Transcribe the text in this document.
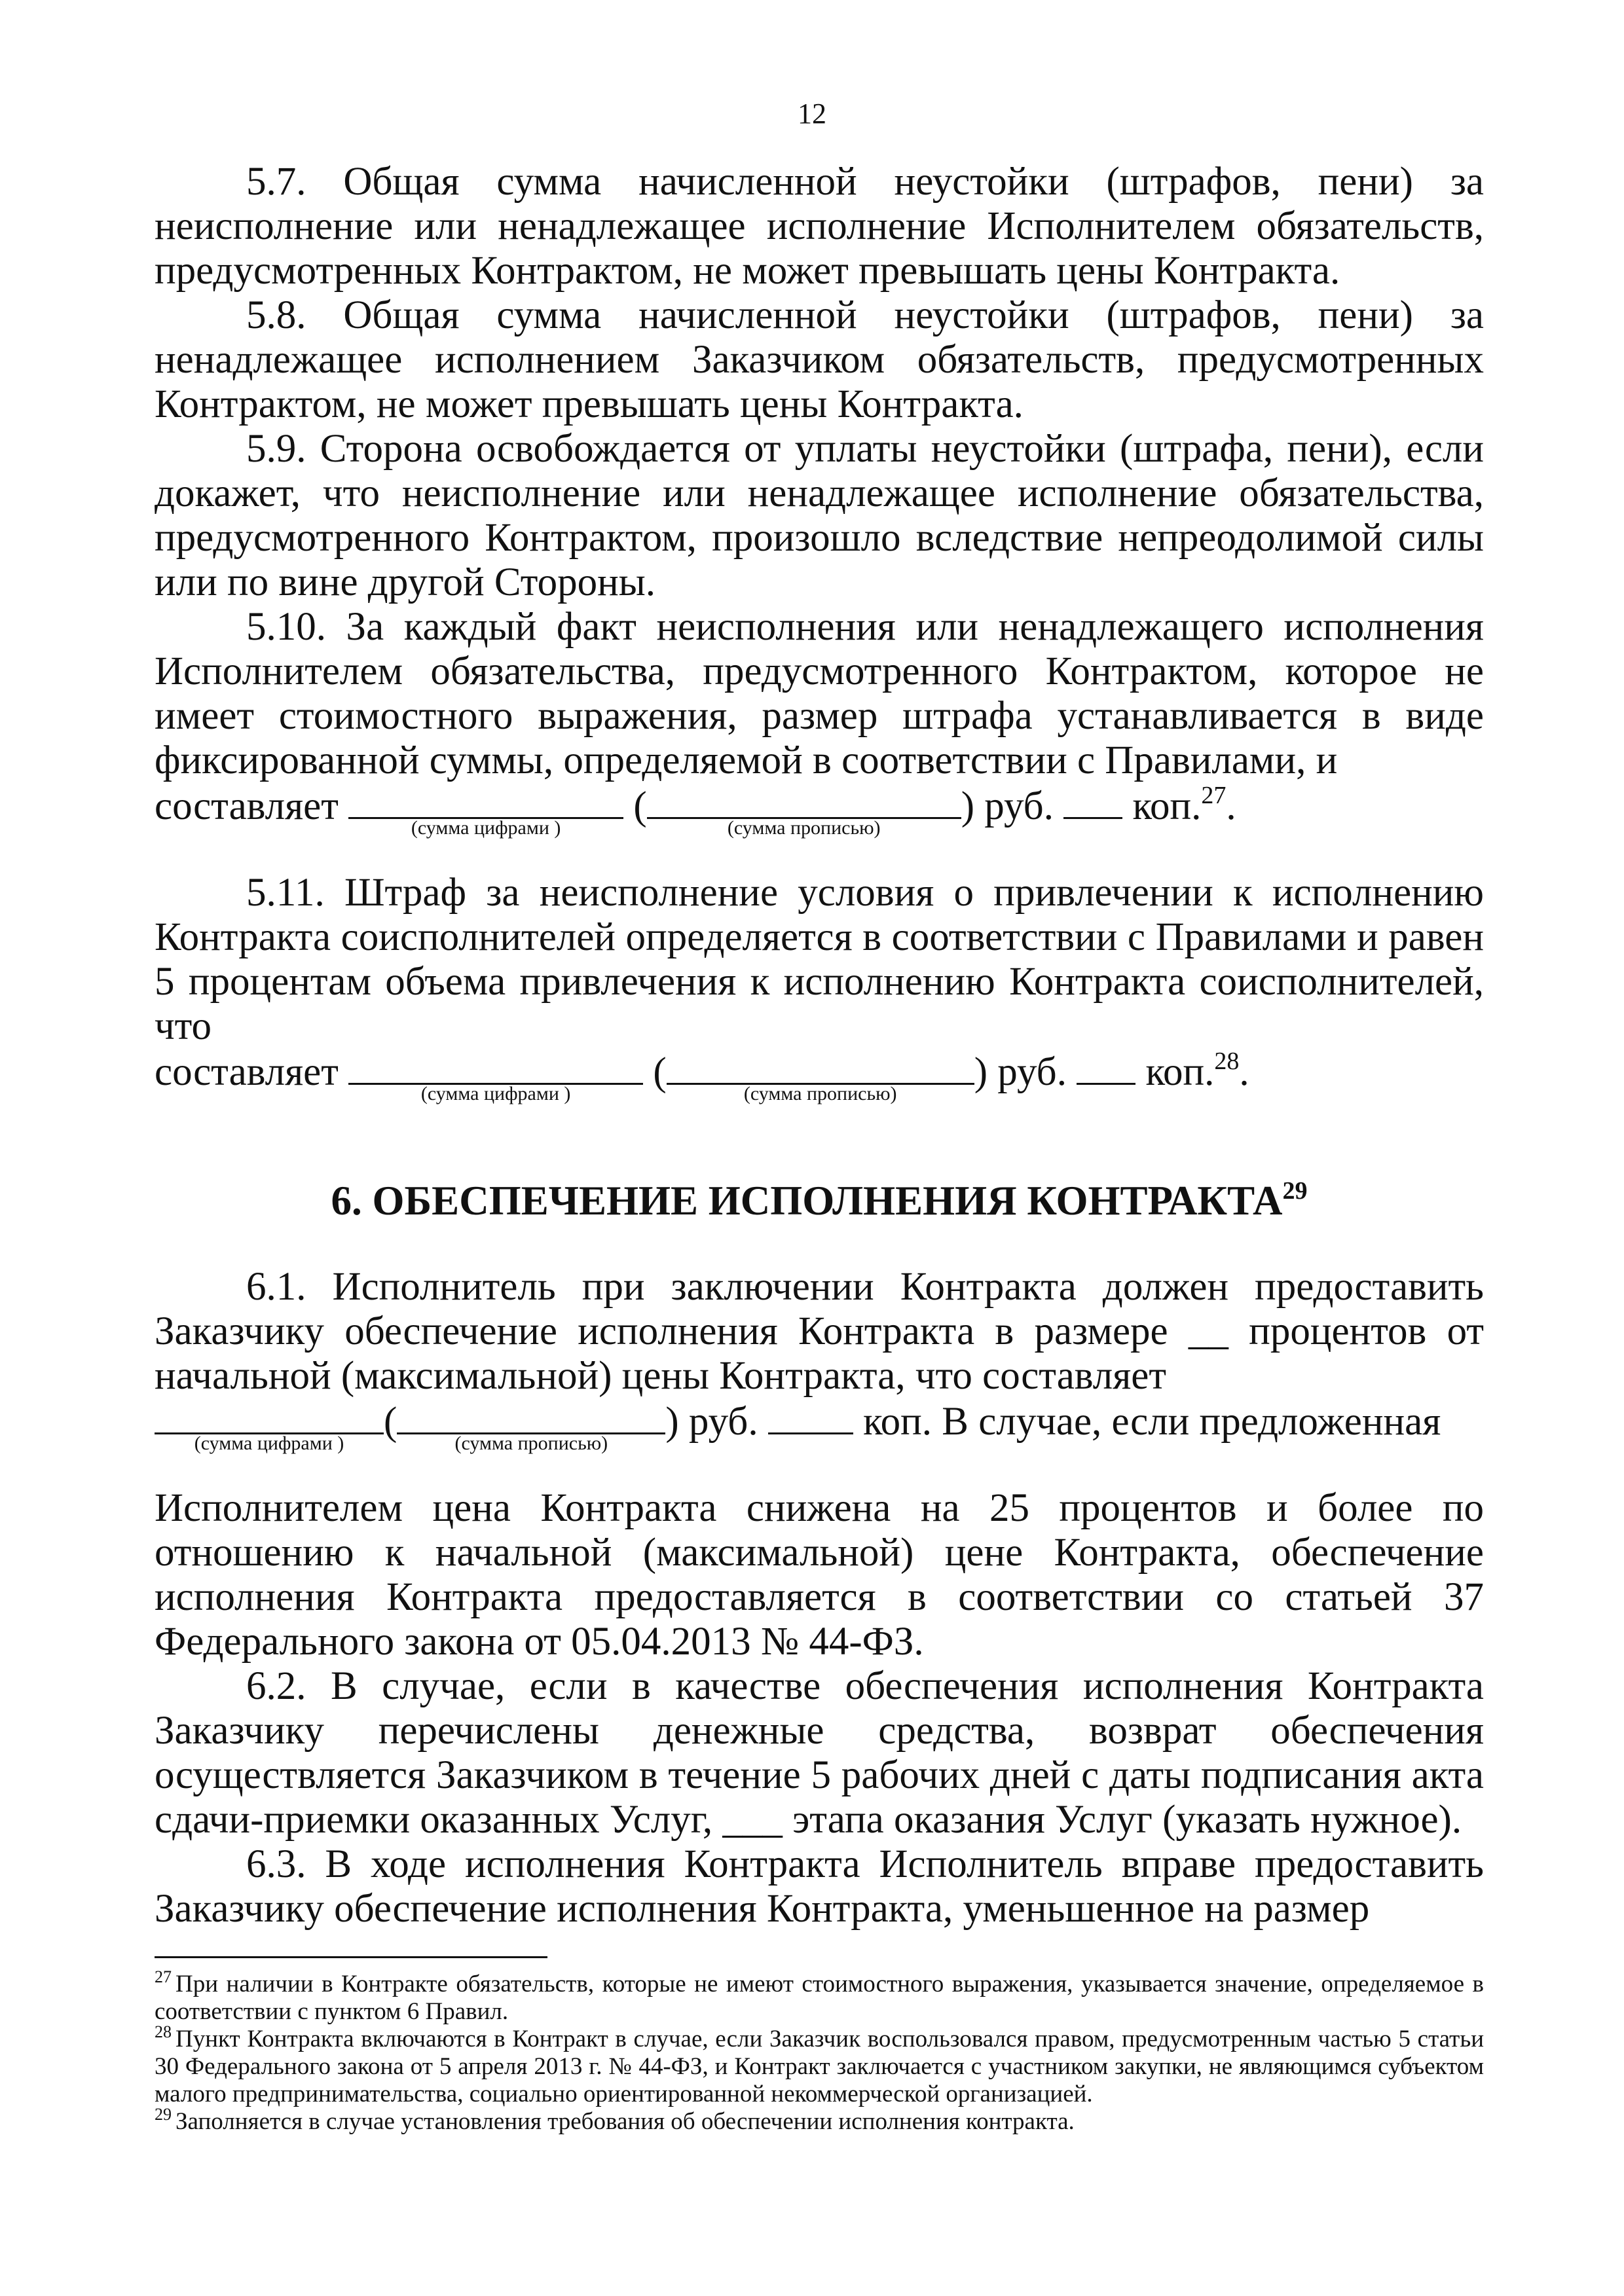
12

5.7. Общая сумма начисленной неустойки (штрафов, пени) за неисполнение или ненадлежащее исполнение Исполнителем обязательств, предусмотренных Контрактом, не может превышать цены Контракта.

5.8. Общая сумма начисленной неустойки (штрафов, пени) за ненадлежащее исполнением Заказчиком обязательств, предусмотренных Контрактом, не может превышать цены Контракта.

5.9. Сторона освобождается от уплаты неустойки (штрафа, пени), если докажет, что неисполнение или ненадлежащее исполнение обязательства, предусмотренного Контрактом, произошло вследствие непреодолимой силы или по вине другой Стороны.

5.10. За каждый факт неисполнения или ненадлежащего исполнения Исполнителем обязательства, предусмотренного Контрактом, которое не имеет стоимостного выражения, размер штрафа устанавливается в виде фиксированной суммы, определяемой в соответствии с Правилами, и

составляет	(сумма цифрами ) (	(сумма прописью) ) руб. коп.$^{27}$.

5.11. Штраф за неисполнение условия о привлечении к исполнению Контракта соисполнителей определяется в соответствии с Правилами и равен 5 процентам объема привлечения к исполнению Контракта соисполнителей, что

составляет	(сумма цифрами ) (	(сумма прописью) ) руб. коп.$^{28}$.

6. ОБЕСПЕЧЕНИЕ ИСПОЛНЕНИЯ КОНТРАКТА$^{29}$

6.1. Исполнитель при заключении Контракта должен предоставить Заказчику обеспечение исполнения Контракта в размере __ процентов от начальной (максимальной) цены Контракта, что составляет

(сумма цифрами ) (	(сумма прописью) ) руб.	коп. В случае, если предложенная

Исполнителем цена Контракта снижена на 25 процентов и более по отношению к начальной (максимальной) цене Контракта, обеспечение исполнения Контракта предоставляется в соответствии со статьей 37 Федерального закона от 05.04.2013 № 44-ФЗ.

6.2. В случае, если в качестве обеспечения исполнения Контракта Заказчику перечислены денежные средства, возврат обеспечения осуществляется Заказчиком в течение 5 рабочих дней с даты подписания акта сдачи-приемки оказанных Услуг, ___ этапа оказания Услуг (указать нужное).

6.3. В ходе исполнения Контракта Исполнитель вправе предоставить Заказчику обеспечение исполнения Контракта, уменьшенное на размер

$^{27}$ При наличии в Контракте обязательств, которые не имеют стоимостного выражения, указывается значение, определяемое в соответствии с пунктом 6 Правил.

$^{28}$ Пункт Контракта включаются в Контракт в случае, если Заказчик воспользовался правом, предусмотренным частью 5 статьи 30 Федерального закона от 5 апреля 2013 г. № 44-ФЗ, и Контракт заключается с участником закупки, не являющимся субъектом малого предпринимательства, социально ориентированной некоммерческой организацией.

$^{29}$ Заполняется в случае установления требования об обеспечении исполнения контракта.
